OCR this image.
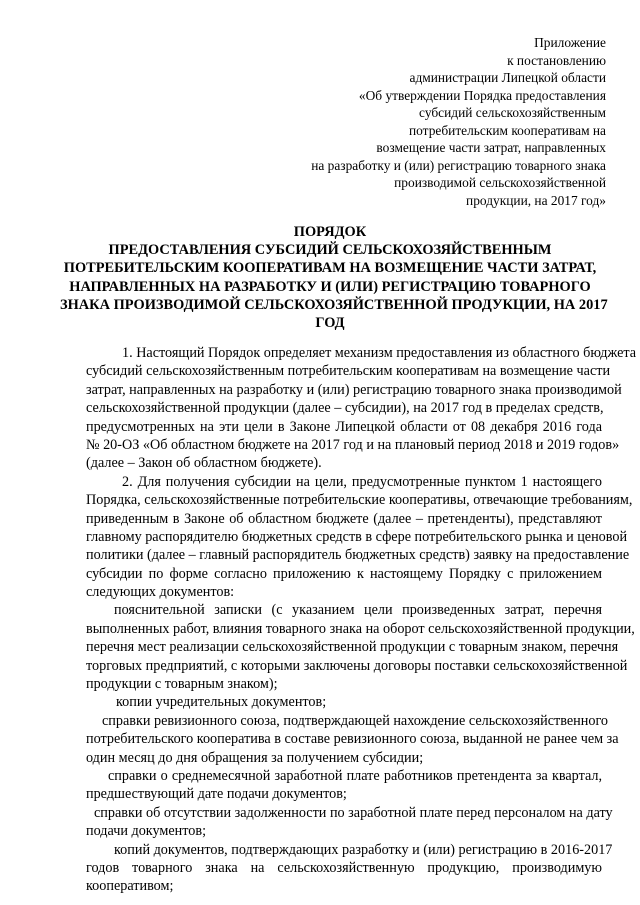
Приложение
к постановлению
администрации Липецкой области
«Об утверждении Порядка предоставления
субсидий сельскохозяйственным
потребительским кооперативам на
возмещение части затрат, направленных
на разработку и (или) регистрацию товарного знака
производимой сельскохозяйственной
продукции, на 2017 год»
ПОРЯДОК
ПРЕДОСТАВЛЕНИЯ СУБСИДИЙ СЕЛЬСКОХОЗЯЙСТВЕННЫМ
ПОТРЕБИТЕЛЬСКИМ КООПЕРАТИВАМ НА ВОЗМЕЩЕНИЕ ЧАСТИ ЗАТРАТ,
НАПРАВЛЕННЫХ НА РАЗРАБОТКУ И (ИЛИ) РЕГИСТРАЦИЮ ТОВАРНОГО
ЗНАКА ПРОИЗВОДИМОЙ СЕЛЬСКОХОЗЯЙСТВЕННОЙ ПРОДУКЦИИ, НА 2017
ГОД
1. Настоящий Порядок определяет механизм предоставления из областного бюджета
субсидий сельскохозяйственным потребительским кооперативам на возмещение части
затрат, направленных на разработку и (или) регистрацию товарного знака производимой
сельскохозяйственной продукции (далее – субсидии), на 2017 год в пределах средств,
предусмотренных на эти цели в Законе Липецкой области от 08 декабря 2016 года
№ 20-ОЗ «Об областном бюджете на 2017 год и на плановый период 2018 и 2019 годов»
(далее – Закон об областном бюджете).
2. Для получения субсидии на цели, предусмотренные пунктом 1 настоящего
Порядка, сельскохозяйственные потребительские кооперативы, отвечающие требованиям,
приведенным в Законе об областном бюджете (далее – претенденты), представляют
главному распорядителю бюджетных средств в сфере потребительского рынка и ценовой
политики (далее – главный распорядитель бюджетных средств) заявку на предоставление
субсидии по форме согласно приложению к настоящему Порядку с приложением
следующих документов:
пояснительной записки (с указанием цели произведенных затрат, перечня
выполненных работ, влияния товарного знака на оборот сельскохозяйственной продукции,
перечня мест реализации сельскохозяйственной продукции с товарным знаком, перечня
торговых предприятий, с которыми заключены договоры поставки сельскохозяйственной
продукции с товарным знаком);
копии учредительных документов;
справки ревизионного союза, подтверждающей нахождение сельскохозяйственного
потребительского кооператива в составе ревизионного союза, выданной не ранее чем за
один месяц до дня обращения за получением субсидии;
справки о среднемесячной заработной плате работников претендента за квартал,
предшествующий дате подачи документов;
справки об отсутствии задолженности по заработной плате перед персоналом на дату
подачи документов;
копий документов, подтверждающих разработку и (или) регистрацию в 2016-2017
годов товарного знака на сельскохозяйственную продукцию, производимую
кооперативом;
